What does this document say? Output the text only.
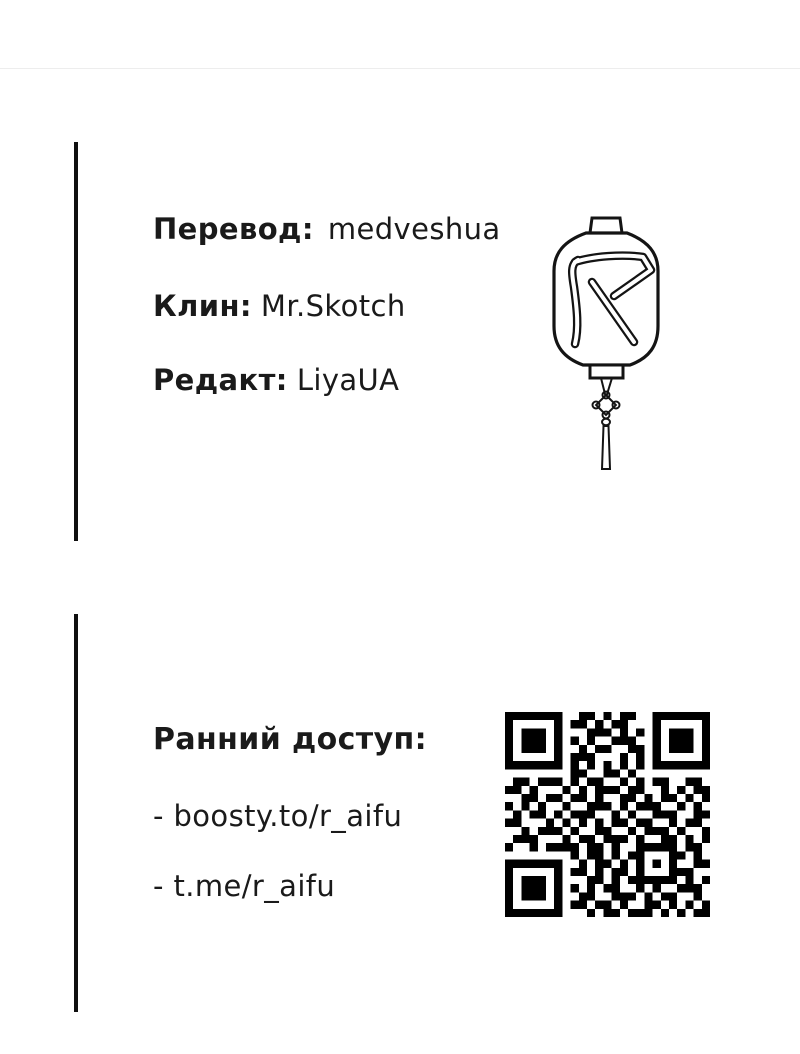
Перевод: medveshua
Клин: Mr.Skotch
Редакт: LiyaUA
Ранний доступ:
- boosty.to/r_aifu
- t.me/r_aifu
